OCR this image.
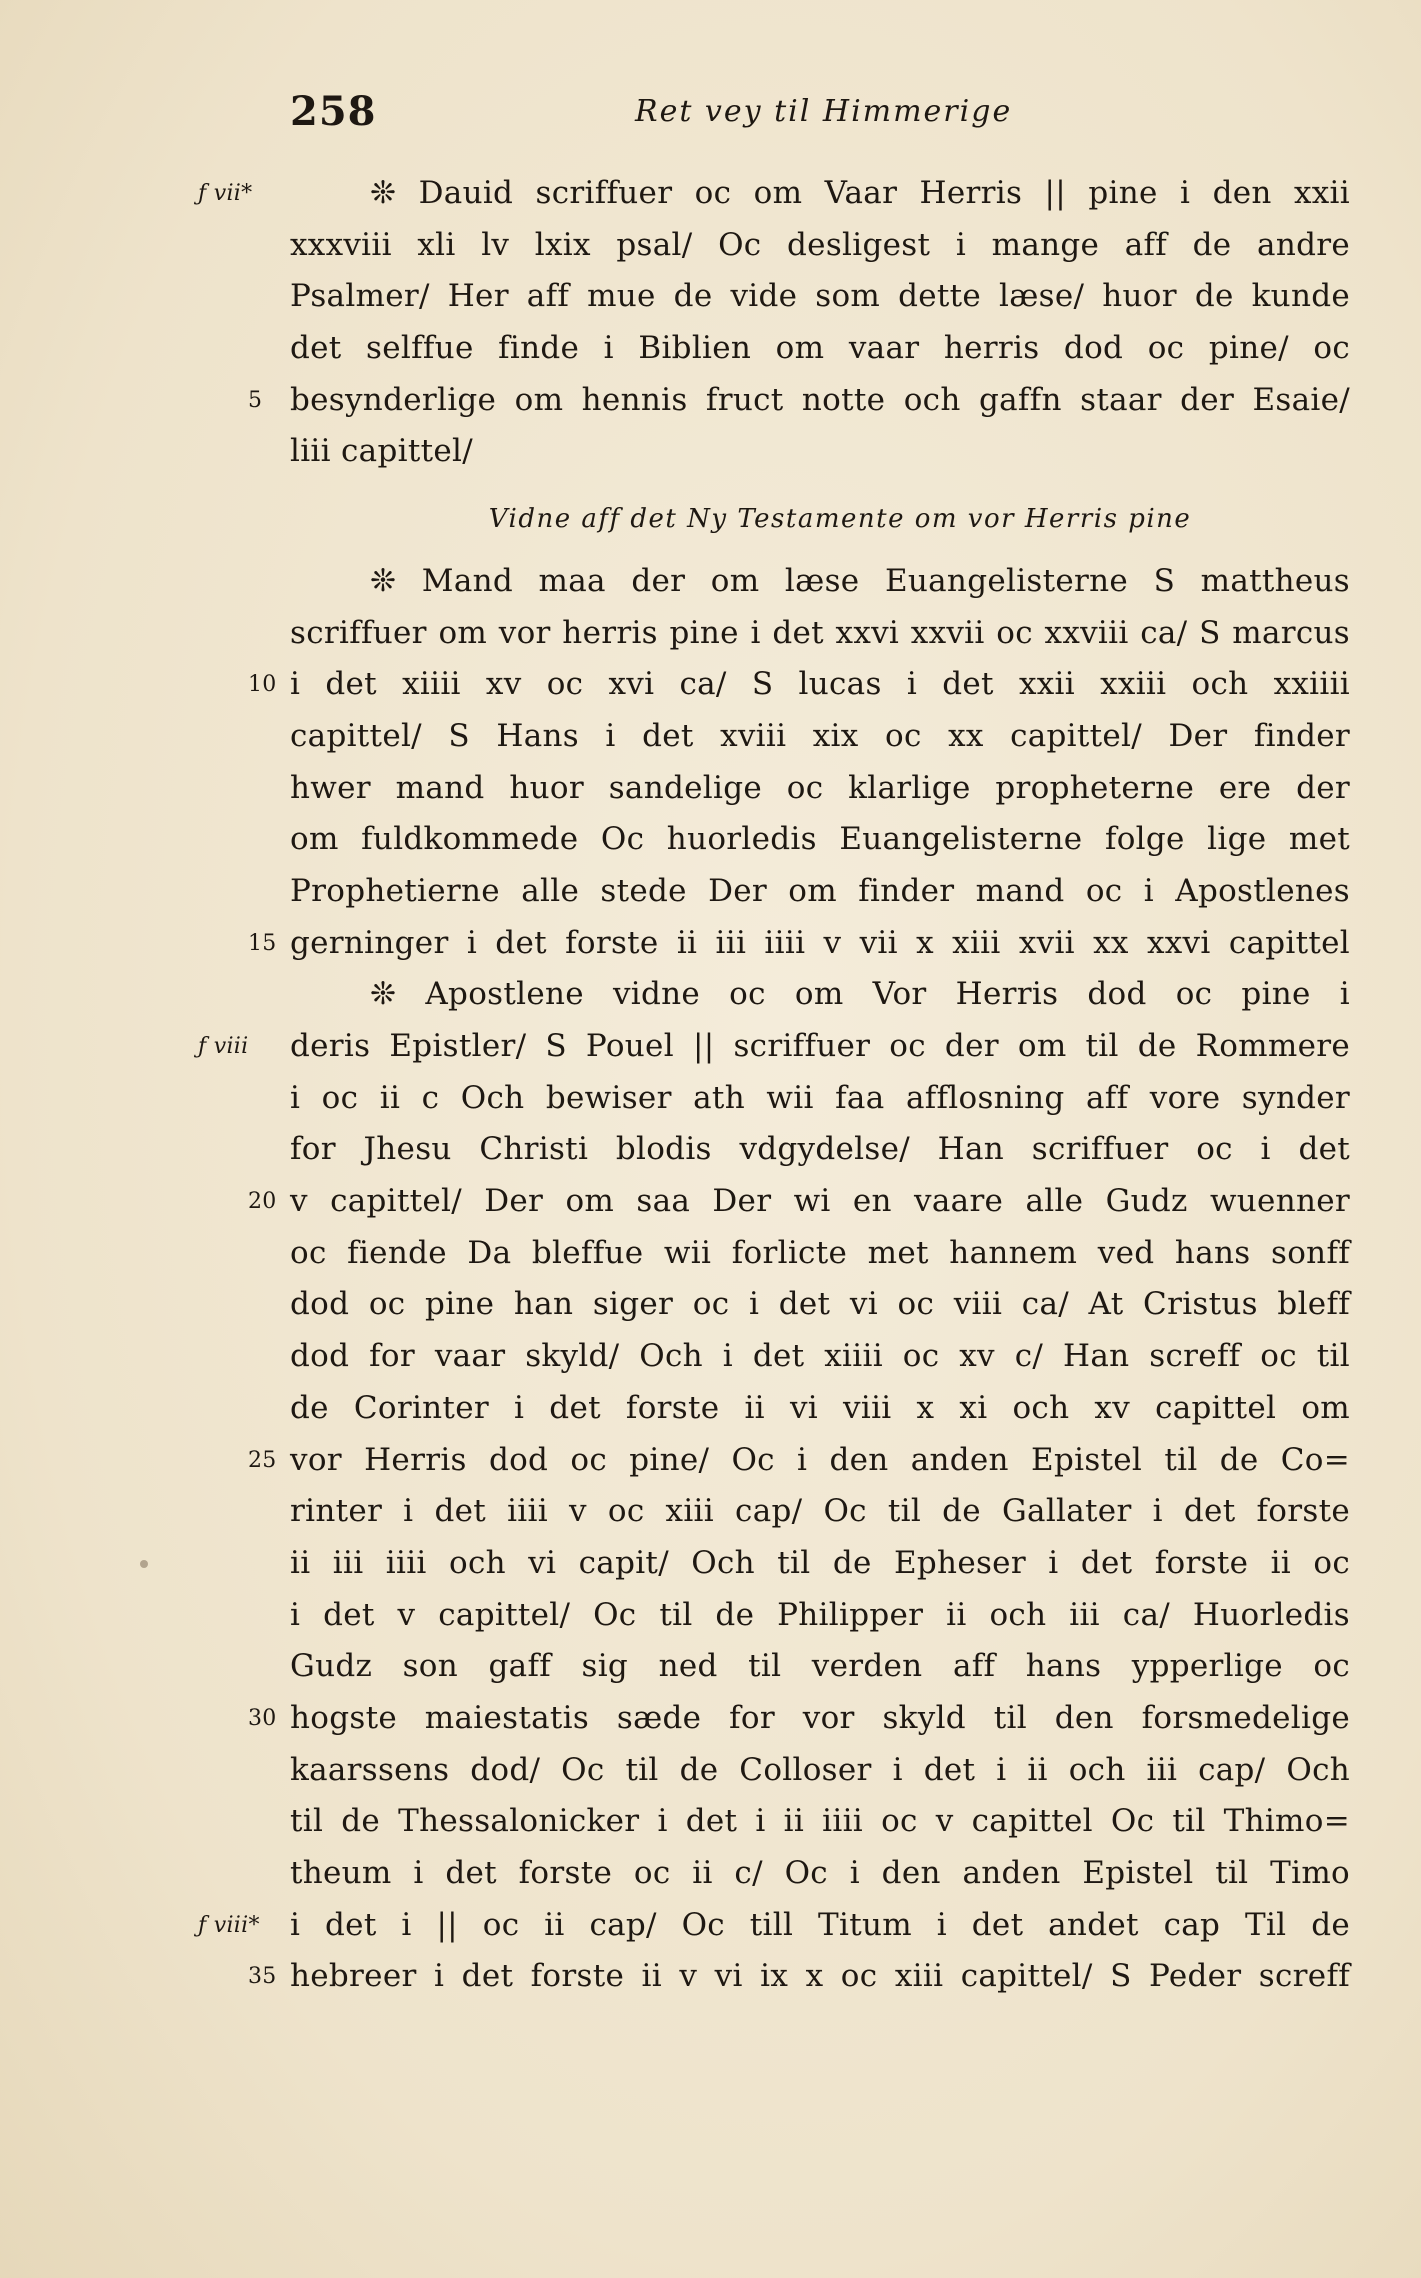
258	Ret vey til Himmerige
ƒ vii*	❊ Dauid scriffuer oc om Vaar Herris || pine i den xxii
xxxviii xli lv lxix psal/ Oc desligest i mange aff de andre
Psalmer/ Her aff mue de vide som dette læse/ huor de kunde
det selffue finde i Biblien om vaar herris dod oc pine/ oc
5 besynderlige om hennis fruct notte och gaffn staar der Esaie/
liii capittel/
Vidne aff det Ny Testamente om vor Herris pine
❊ Mand maa der om læse Euangelisterne S mattheus
scriffuer om vor herris pine i det xxvi xxvii oc xxviii ca/ S marcus
10 i det xiiii xv oc xvi ca/ S lucas i det xxii xxiii och xxiiii
capittel/ S Hans i det xviii xix oc xx capittel/ Der finder
hwer mand huor sandelige oc klarlige propheterne ere der
om fuldkommede Oc huorledis Euangelisterne folge lige met
Prophetierne alle stede Der om finder mand oc i Apostlenes
15 gerninger i det forste ii iii iiii v vii x xiii xvii xx xxvi capittel
❊ Apostlene vidne oc om Vor Herris dod oc pine i
ƒ viii deris Epistler/ S Pouel || scriffuer oc der om til de Rommere
i oc ii c Och bewiser ath wii faa afflosning aff vore synder
for Jhesu Christi blodis vdgydelse/ Han scriffuer oc i det
20 v capittel/ Der om saa Der wi en vaare alle Gudz wuenner
oc fiende Da bleffue wii forlicte met hannem ved hans sonff
dod oc pine han siger oc i det vi oc viii ca/ At Cristus bleff
dod for vaar skyld/ Och i det xiiii oc xv c/ Han screff oc til
de Corinter i det forste ii vi viii x xi och xv capittel om
25 vor Herris dod oc pine/ Oc i den anden Epistel til de Co=
rinter i det iiii v oc xiii cap/ Oc til de Gallater i det forste
ii iii iiii och vi capit/ Och til de Epheser i det forste ii oc
i det v capittel/ Oc til de Philipper ii och iii ca/ Huorledis
Gudz son gaff sig ned til verden aff hans ypperlige oc
30 hogste maiestatis sæde for vor skyld til den forsmedelige
kaarssens dod/ Oc til de Colloser i det i ii och iii cap/ Och
til de Thessalonicker i det i ii iiii oc v capittel Oc til Thimo=
theum i det forste oc ii c/ Oc i den anden Epistel til Timo
ƒ viii* i det i || oc ii cap/ Oc till Titum i det andet cap Til de
35 hebreer i det forste ii v vi ix x oc xiii capittel/ S Peder screff
